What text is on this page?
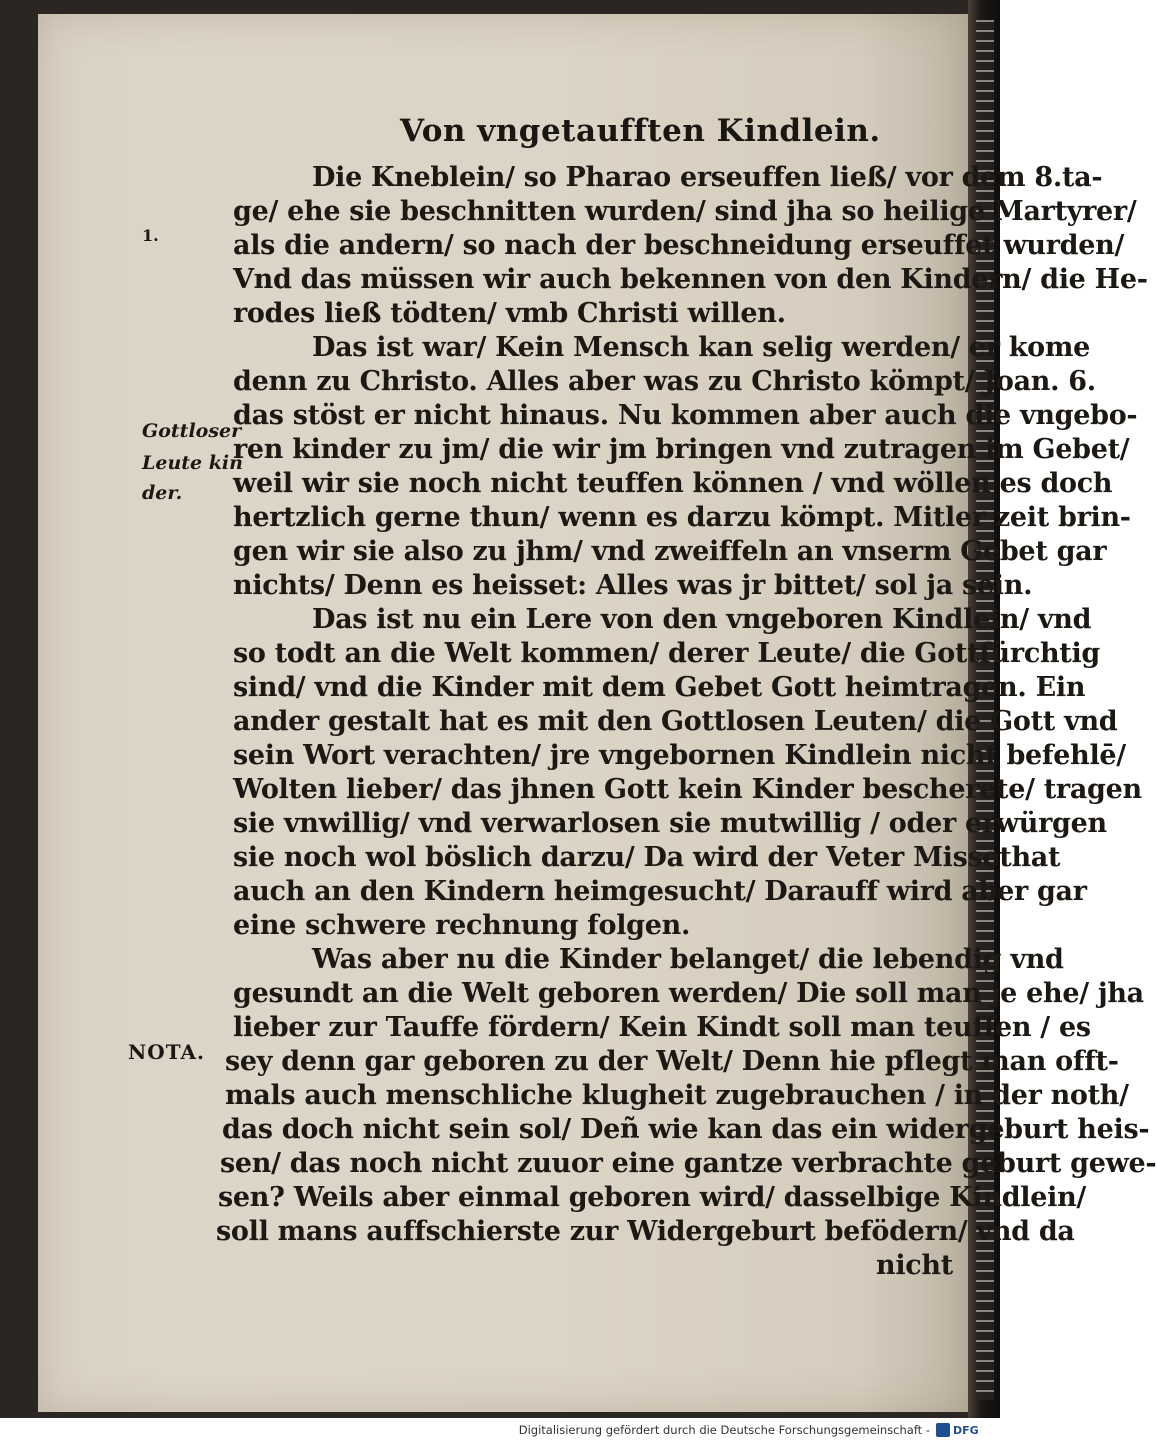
Von vngetaufften Kindlein.
Die Kneblein/ so Pharao erseuffen ließ/ vor dem 8.ta-
ge/ ehe sie beschnitten wurden/ sind jha so heilige Martyrer/
als die andern/ so nach der beschneidung erseuffet wurden/
Vnd das müssen wir auch bekennen von den Kindern/ die He-
rodes ließ tödten/ vmb Christi willen.
Das ist war/ Kein Mensch kan selig werden/ er kome
denn zu Christo. Alles aber was zu Christo kömpt/ Joan. 6.
das stöst er nicht hinaus. Nu kommen aber auch die vngebo-
ren kinder zu jm/ die wir jm bringen vnd zutragen im Gebet/
weil wir sie noch nicht teuffen können / vnd wöllen es doch
hertzlich gerne thun/ wenn es darzu kömpt. Mitler zeit brin-
gen wir sie also zu jhm/ vnd zweiffeln an vnserm Gebet gar
nichts/ Denn es heisset: Alles was jr bittet/ sol ja sein.
Das ist nu ein Lere von den vngeboren Kindlein/ vnd
so todt an die Welt kommen/ derer Leute/ die Gottfürchtig
sind/ vnd die Kinder mit dem Gebet Gott heimtragen. Ein
ander gestalt hat es mit den Gottlosen Leuten/ die Gott vnd
sein Wort verachten/ jre vngebornen Kindlein nicht befehlē/
Wolten lieber/ das jhnen Gott kein Kinder bescherete/ tragen
sie vnwillig/ vnd verwarlosen sie mutwillig / oder erwürgen
sie noch wol böslich darzu/ Da wird der Veter Missethat
auch an den Kindern heimgesucht/ Darauff wird aber gar
eine schwere rechnung folgen.
Was aber nu die Kinder belanget/ die lebendig vnd
gesundt an die Welt geboren werden/ Die soll man je ehe/ jha
lieber zur Tauffe fördern/ Kein Kindt soll man teuffen / es
sey denn gar geboren zu der Welt/ Denn hie pflegt man offt-
mals auch menschliche klugheit zugebrauchen / in der noth/
das doch nicht sein sol/ Deñ wie kan das ein widergeburt heis-
sen/ das noch nicht zuuor eine gantze verbrachte geburt gewe-
sen? Weils aber einmal geboren wird/ dasselbige Kindlein/
soll mans auffschierste zur Widergeburt befödern/ vnd da
nicht
1.
Gottloser
Leute kin
der.
NOTA.
Digitalisierung gefördert durch die Deutsche Forschungsgemeinschaft - DFG
